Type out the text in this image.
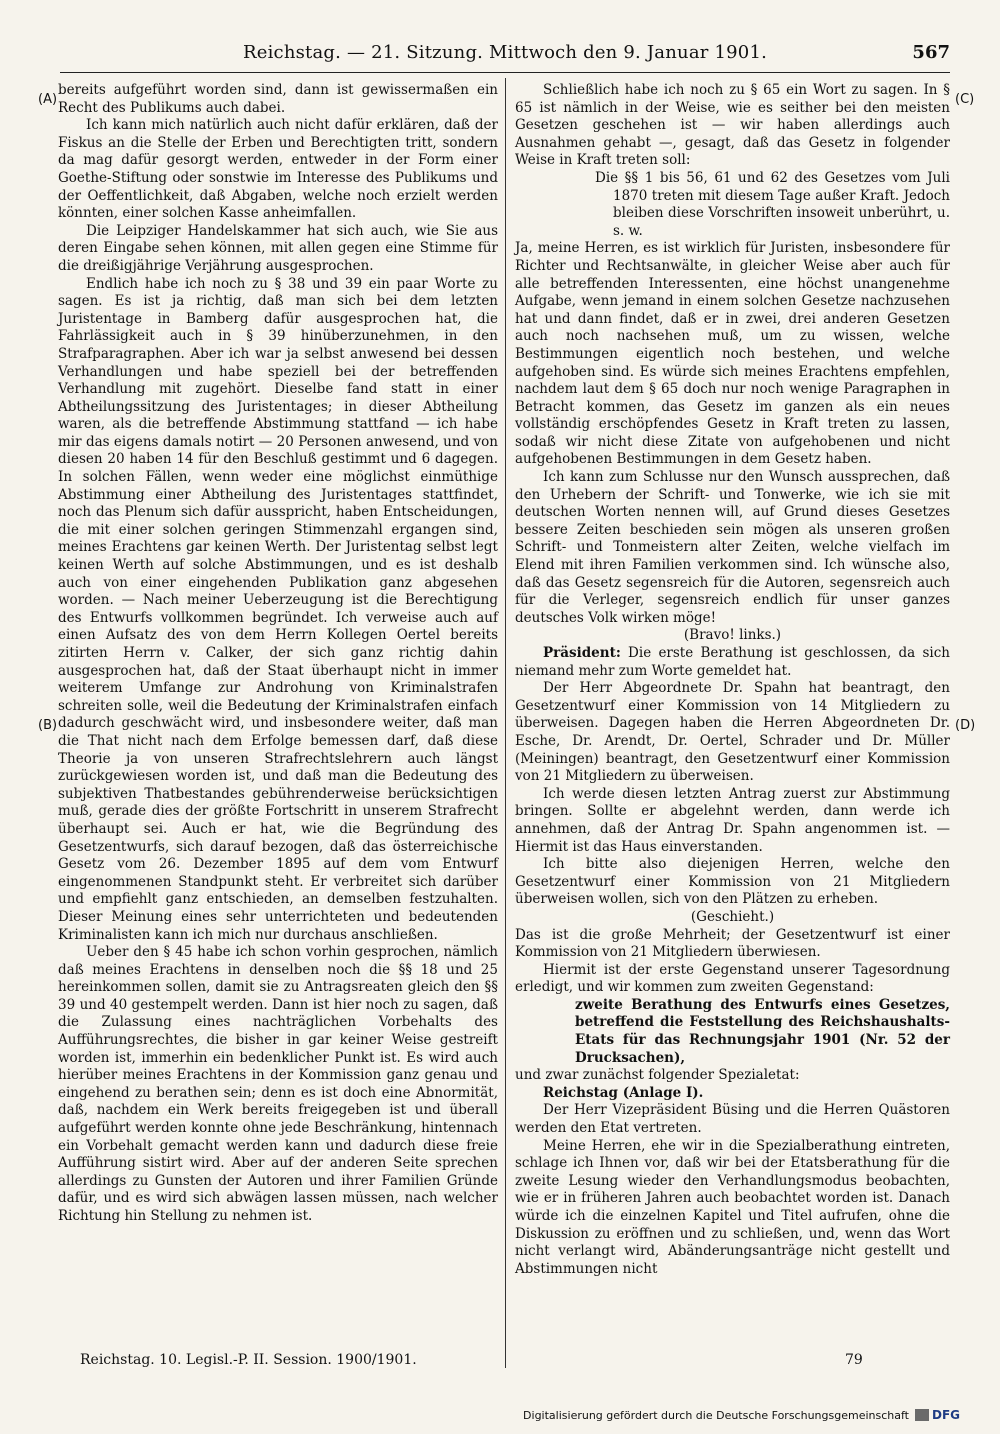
Reichstag. — 21. Sitzung. Mittwoch den 9. Januar 1901.	567
(A)
(B)
(C)
(D)

bereits aufgeführt worden sind, dann ist gewissermaßen ein Recht des Publikums auch dabei.

Ich kann mich natürlich auch nicht dafür erklären, daß der Fiskus an die Stelle der Erben und Berechtigten tritt, sondern da mag dafür gesorgt werden, entweder in der Form einer Goethe-Stiftung oder sonstwie im Interesse des Publikums und der Oeffentlichkeit, daß Abgaben, welche noch erzielt werden könnten, einer solchen Kasse anheimfallen.

Die Leipziger Handelskammer hat sich auch, wie Sie aus deren Eingabe sehen können, mit allen gegen eine Stimme für die dreißigjährige Verjährung ausgesprochen.

Endlich habe ich noch zu § 38 und 39 ein paar Worte zu sagen. Es ist ja richtig, daß man sich bei dem letzten Juristentage in Bamberg dafür ausgesprochen hat, die Fahrlässigkeit auch in § 39 hinüberzunehmen, in den Strafparagraphen. Aber ich war ja selbst anwesend bei dessen Verhandlungen und habe speziell bei der betreffenden Verhandlung mit zugehört. Dieselbe fand statt in einer Abtheilungssitzung des Juristentages; in dieser Abtheilung waren, als die betreffende Abstimmung stattfand — ich habe mir das eigens damals notirt — 20 Personen anwesend, und von diesen 20 haben 14 für den Beschluß gestimmt und 6 dagegen. In solchen Fällen, wenn weder eine möglichst einmüthige Abstimmung einer Abtheilung des Juristentages stattfindet, noch das Plenum sich dafür ausspricht, haben Entscheidungen, die mit einer solchen geringen Stimmenzahl ergangen sind, meines Erachtens gar keinen Werth. Der Juristentag selbst legt keinen Werth auf solche Abstimmungen, und es ist deshalb auch von einer eingehenden Publikation ganz abgesehen worden. — Nach meiner Ueberzeugung ist die Berechtigung des Entwurfs vollkommen begründet. Ich verweise auch auf einen Aufsatz des von dem Herrn Kollegen Oertel bereits zitirten Herrn v. Calker, der sich ganz richtig dahin ausgesprochen hat, daß der Staat überhaupt nicht in immer weiterem Umfange zur Androhung von Kriminalstrafen schreiten solle, weil die Bedeutung der Kriminalstrafen einfach dadurch geschwächt wird, und insbesondere weiter, daß man die That nicht nach dem Erfolge bemessen darf, daß diese Theorie ja von unseren Strafrechtslehrern auch längst zurückgewiesen worden ist, und daß man die Bedeutung des subjektiven Thatbestandes gebührenderweise berücksichtigen muß, gerade dies der größte Fortschritt in unserem Strafrecht überhaupt sei. Auch er hat, wie die Begründung des Gesetzentwurfs, sich darauf bezogen, daß das österreichische Gesetz vom 26. Dezember 1895 auf dem vom Entwurf eingenommenen Standpunkt steht. Er verbreitet sich darüber und empfiehlt ganz entschieden, an demselben festzuhalten. Dieser Meinung eines sehr unterrichteten und bedeutenden Kriminalisten kann ich mich nur durchaus anschließen.

Ueber den § 45 habe ich schon vorhin gesprochen, nämlich daß meines Erachtens in denselben noch die §§ 18 und 25 hereinkommen sollen, damit sie zu Antragsreaten gleich den §§ 39 und 40 gestempelt werden. Dann ist hier noch zu sagen, daß die Zulassung eines nachträglichen Vorbehalts des Aufführungsrechtes, die bisher in gar keiner Weise gestreift worden ist, immerhin ein bedenklicher Punkt ist. Es wird auch hierüber meines Erachtens in der Kommission ganz genau und eingehend zu berathen sein; denn es ist doch eine Abnormität, daß, nachdem ein Werk bereits freigegeben ist und überall aufgeführt werden konnte ohne jede Beschränkung, hintennach ein Vorbehalt gemacht werden kann und dadurch diese freie Aufführung sistirt wird. Aber auf der anderen Seite sprechen allerdings zu Gunsten der Autoren und ihrer Familien Gründe dafür, und es wird sich abwägen lassen müssen, nach welcher Richtung hin Stellung zu nehmen ist.

Schließlich habe ich noch zu § 65 ein Wort zu sagen. In § 65 ist nämlich in der Weise, wie es seither bei den meisten Gesetzen geschehen ist — wir haben allerdings auch Ausnahmen gehabt —, gesagt, daß das Gesetz in folgender Weise in Kraft treten soll:

Die §§ 1 bis 56, 61 und 62 des Gesetzes vom Juli 1870 treten mit diesem Tage außer Kraft. Jedoch bleiben diese Vorschriften insoweit unberührt, u. s. w.

Ja, meine Herren, es ist wirklich für Juristen, insbesondere für Richter und Rechtsanwälte, in gleicher Weise aber auch für alle betreffenden Interessenten, eine höchst unangenehme Aufgabe, wenn jemand in einem solchen Gesetze nachzusehen hat und dann findet, daß er in zwei, drei anderen Gesetzen auch noch nachsehen muß, um zu wissen, welche Bestimmungen eigentlich noch bestehen, und welche aufgehoben sind. Es würde sich meines Erachtens empfehlen, nachdem laut dem § 65 doch nur noch wenige Paragraphen in Betracht kommen, das Gesetz im ganzen als ein neues vollständig erschöpfendes Gesetz in Kraft treten zu lassen, sodaß wir nicht diese Zitate von aufgehobenen und nicht aufgehobenen Bestimmungen in dem Gesetz haben.

Ich kann zum Schlusse nur den Wunsch aussprechen, daß den Urhebern der Schrift- und Tonwerke, wie ich sie mit deutschen Worten nennen will, auf Grund dieses Gesetzes bessere Zeiten beschieden sein mögen als unseren großen Schrift- und Tonmeistern alter Zeiten, welche vielfach im Elend mit ihren Familien verkommen sind. Ich wünsche also, daß das Gesetz segensreich für die Autoren, segensreich auch für die Verleger, segensreich endlich für unser ganzes deutsches Volk wirken möge!

(Bravo! links.)

Präsident: Die erste Berathung ist geschlossen, da sich niemand mehr zum Worte gemeldet hat.

Der Herr Abgeordnete Dr. Spahn hat beantragt, den Gesetzentwurf einer Kommission von 14 Mitgliedern zu überweisen. Dagegen haben die Herren Abgeordneten Dr. Esche, Dr. Arendt, Dr. Oertel, Schrader und Dr. Müller (Meiningen) beantragt, den Gesetzentwurf einer Kommission von 21 Mitgliedern zu überweisen.

Ich werde diesen letzten Antrag zuerst zur Abstimmung bringen. Sollte er abgelehnt werden, dann werde ich annehmen, daß der Antrag Dr. Spahn angenommen ist. — Hiermit ist das Haus einverstanden.

Ich bitte also diejenigen Herren, welche den Gesetzentwurf einer Kommission von 21 Mitgliedern überweisen wollen, sich von den Plätzen zu erheben.

(Geschieht.)

Das ist die große Mehrheit; der Gesetzentwurf ist einer Kommission von 21 Mitgliedern überwiesen.

Hiermit ist der erste Gegenstand unserer Tagesordnung erledigt, und wir kommen zum zweiten Gegenstand:

zweite Berathung des Entwurfs eines Gesetzes, betreffend die Feststellung des Reichshaushalts-Etats für das Rechnungsjahr 1901 (Nr. 52 der Drucksachen),

und zwar zunächst folgender Spezialetat:

Reichstag (Anlage I).

Der Herr Vizepräsident Büsing und die Herren Quästoren werden den Etat vertreten.

Meine Herren, ehe wir in die Spezialberathung eintreten, schlage ich Ihnen vor, daß wir bei der Etatsberathung für die zweite Lesung wieder den Verhandlungsmodus beobachten, wie er in früheren Jahren auch beobachtet worden ist. Danach würde ich die einzelnen Kapitel und Titel aufrufen, ohne die Diskussion zu eröffnen und zu schließen, und, wenn das Wort nicht verlangt wird, Abänderungsanträge nicht gestellt und Abstimmungen nicht

Reichstag. 10. Legisl.-P. II. Session. 1900/1901.	79
Digitalisierung gefördert durch die Deutsche Forschungsgemeinschaft DFG
